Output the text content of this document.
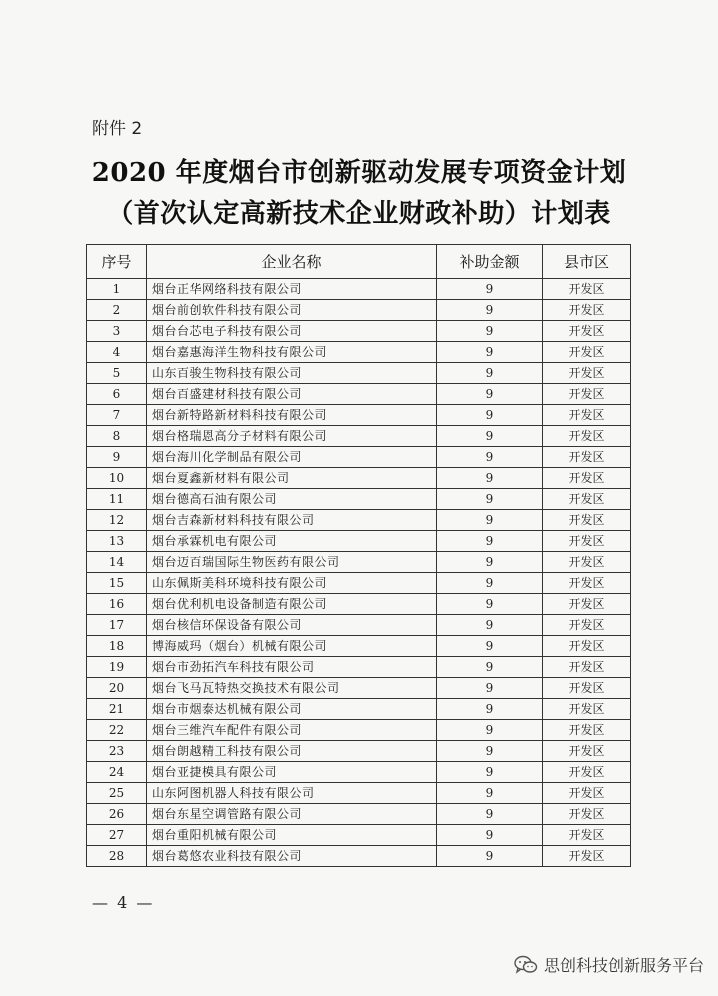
附件 2
2020 年度烟台市创新驱动发展专项资金计划
（首次认定高新技术企业财政补助）计划表
序号	企业名称	补助金额	县市区
1	烟台正华网络科技有限公司	9	开发区
2	烟台前创软件科技有限公司	9	开发区
3	烟台台芯电子科技有限公司	9	开发区
4	烟台嘉惠海洋生物科技有限公司	9	开发区
5	山东百骏生物科技有限公司	9	开发区
6	烟台百盛建材科技有限公司	9	开发区
7	烟台新特路新材料科技有限公司	9	开发区
8	烟台格瑞恩高分子材料有限公司	9	开发区
9	烟台海川化学制品有限公司	9	开发区
10	烟台夏鑫新材料有限公司	9	开发区
11	烟台德高石油有限公司	9	开发区
12	烟台吉森新材料科技有限公司	9	开发区
13	烟台承霖机电有限公司	9	开发区
14	烟台迈百瑞国际生物医药有限公司	9	开发区
15	山东佩斯美科环境科技有限公司	9	开发区
16	烟台优利机电设备制造有限公司	9	开发区
17	烟台核信环保设备有限公司	9	开发区
18	博海威玛（烟台）机械有限公司	9	开发区
19	烟台市劲拓汽车科技有限公司	9	开发区
20	烟台飞马瓦特热交换技术有限公司	9	开发区
21	烟台市烟泰达机械有限公司	9	开发区
22	烟台三维汽车配件有限公司	9	开发区
23	烟台朗越精工科技有限公司	9	开发区
24	烟台亚捷模具有限公司	9	开发区
25	山东阿图机器人科技有限公司	9	开发区
26	烟台东星空调管路有限公司	9	开发区
27	烟台重阳机械有限公司	9	开发区
28	烟台葛悠农业科技有限公司	9	开发区
— 4 —
思创科技创新服务平台
